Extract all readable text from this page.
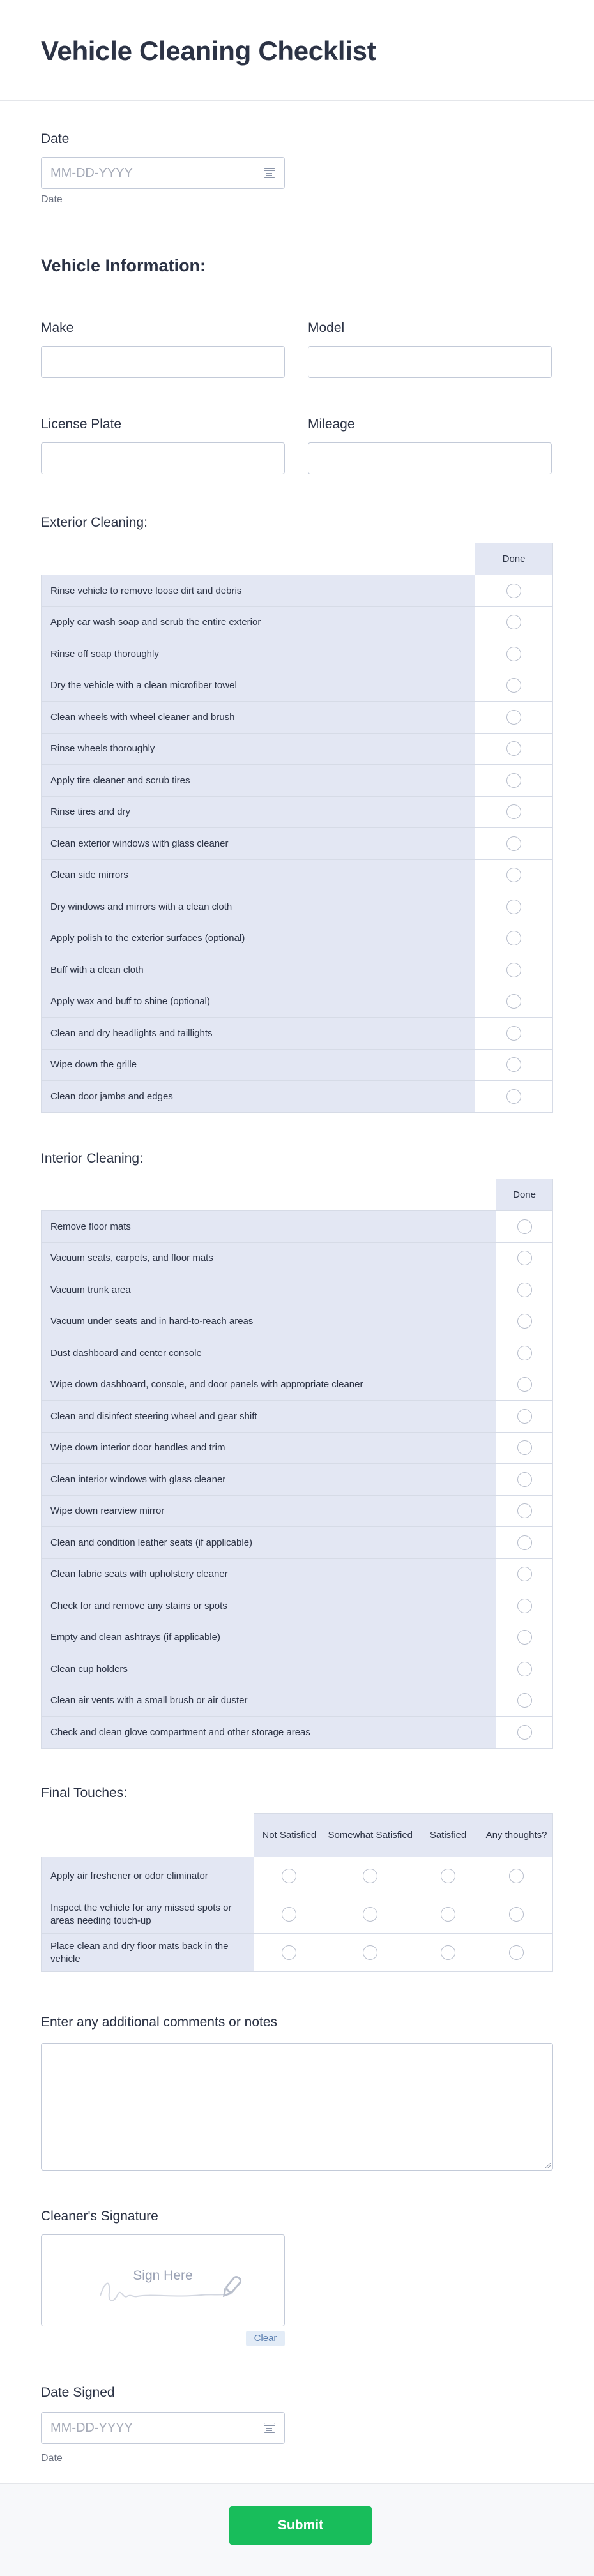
Vehicle Cleaning Checklist
Date
MM-DD-YYYY
Date
Vehicle Information:
Make	Model
License Plate	Mileage
Exterior Cleaning:
	Done
Rinse vehicle to remove loose dirt and debris	
Apply car wash soap and scrub the entire exterior	
Rinse off soap thoroughly	
Dry the vehicle with a clean microfiber towel	
Clean wheels with wheel cleaner and brush	
Rinse wheels thoroughly	
Apply tire cleaner and scrub tires	
Rinse tires and dry	
Clean exterior windows with glass cleaner	
Clean side mirrors	
Dry windows and mirrors with a clean cloth	
Apply polish to the exterior surfaces (optional)	
Buff with a clean cloth	
Apply wax and buff to shine (optional)	
Clean and dry headlights and taillights	
Wipe down the grille	
Clean door jambs and edges	
Interior Cleaning:
	Done
Remove floor mats	
Vacuum seats, carpets, and floor mats	
Vacuum trunk area	
Vacuum under seats and in hard-to-reach areas	
Dust dashboard and center console	
Wipe down dashboard, console, and door panels with appropriate cleaner	
Clean and disinfect steering wheel and gear shift	
Wipe down interior door handles and trim	
Clean interior windows with glass cleaner	
Wipe down rearview mirror	
Clean and condition leather seats (if applicable)	
Clean fabric seats with upholstery cleaner	
Check for and remove any stains or spots	
Empty and clean ashtrays (if applicable)	
Clean cup holders	
Clean air vents with a small brush or air duster	
Check and clean glove compartment and other storage areas	
Final Touches:
	Not Satisfied	Somewhat Satisfied	Satisfied	Any thoughts?
Apply air freshener or odor eliminator				
Inspect the vehicle for any missed spots or areas needing touch-up				
Place clean and dry floor mats back in the vehicle				
Enter any additional comments or notes
Cleaner's Signature
Sign Here
Clear
Date Signed
MM-DD-YYYY
Date
Submit
